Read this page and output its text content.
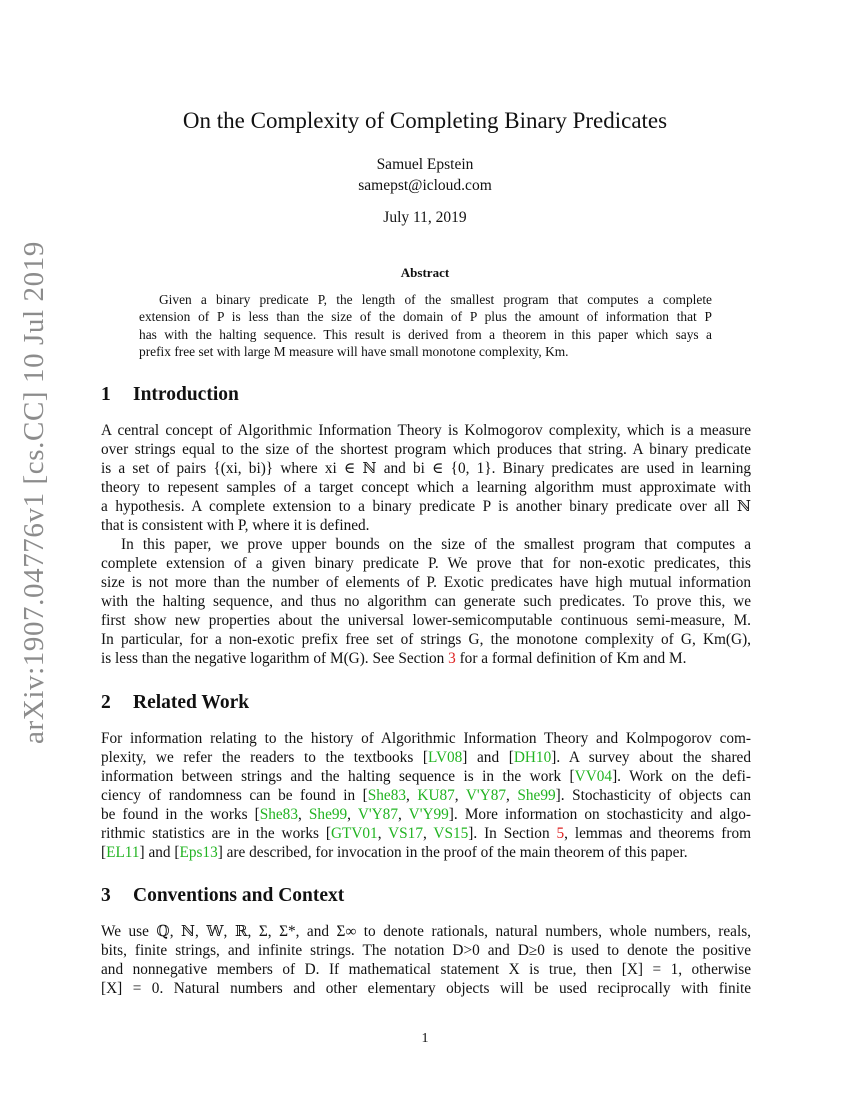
arXiv:1907.04776v1 [cs.CC] 10 Jul 2019
On the Complexity of Completing Binary Predicates
Samuel Epstein
samepst@icloud.com
July 11, 2019
Abstract
Given a binary predicate P, the length of the smallest program that computes a complete
extension of P is less than the size of the domain of P plus the amount of information that P
has with the halting sequence. This result is derived from a theorem in this paper which says a
prefix free set with large M measure will have small monotone complexity, Km.
1 Introduction
A central concept of Algorithmic Information Theory is Kolmogorov complexity, which is a measure
over strings equal to the size of the shortest program which produces that string. A binary predicate
is a set of pairs {(xi, bi)} where xi ∈ ℕ and bi ∈ {0, 1}. Binary predicates are used in learning
theory to repesent samples of a target concept which a learning algorithm must approximate with
a hypothesis. A complete extension to a binary predicate P is another binary predicate over all ℕ
that is consistent with P, where it is defined.
In this paper, we prove upper bounds on the size of the smallest program that computes a
complete extension of a given binary predicate P. We prove that for non-exotic predicates, this
size is not more than the number of elements of P. Exotic predicates have high mutual information
with the halting sequence, and thus no algorithm can generate such predicates. To prove this, we
first show new properties about the universal lower-semicomputable continuous semi-measure, M.
In particular, for a non-exotic prefix free set of strings G, the monotone complexity of G, Km(G),
is less than the negative logarithm of M(G). See Section 3 for a formal definition of Km and M.
2 Related Work
For information relating to the history of Algorithmic Information Theory and Kolmpogorov com-
plexity, we refer the readers to the textbooks [LV08] and [DH10]. A survey about the shared
information between strings and the halting sequence is in the work [VV04]. Work on the defi-
ciency of randomness can be found in [She83, KU87, V'Y87, She99]. Stochasticity of objects can
be found in the works [She83, She99, V'Y87, V'Y99]. More information on stochasticity and algo-
rithmic statistics are in the works [GTV01, VS17, VS15]. In Section 5, lemmas and theorems from
[EL11] and [Eps13] are described, for invocation in the proof of the main theorem of this paper.
3 Conventions and Context
We use ℚ, ℕ, 𝕎, ℝ, Σ, Σ*, and Σ∞ to denote rationals, natural numbers, whole numbers, reals,
bits, finite strings, and infinite strings. The notation D>0 and D≥0 is used to denote the positive
and nonnegative members of D. If mathematical statement X is true, then [X] = 1, otherwise
[X] = 0. Natural numbers and other elementary objects will be used reciprocally with finite
1
